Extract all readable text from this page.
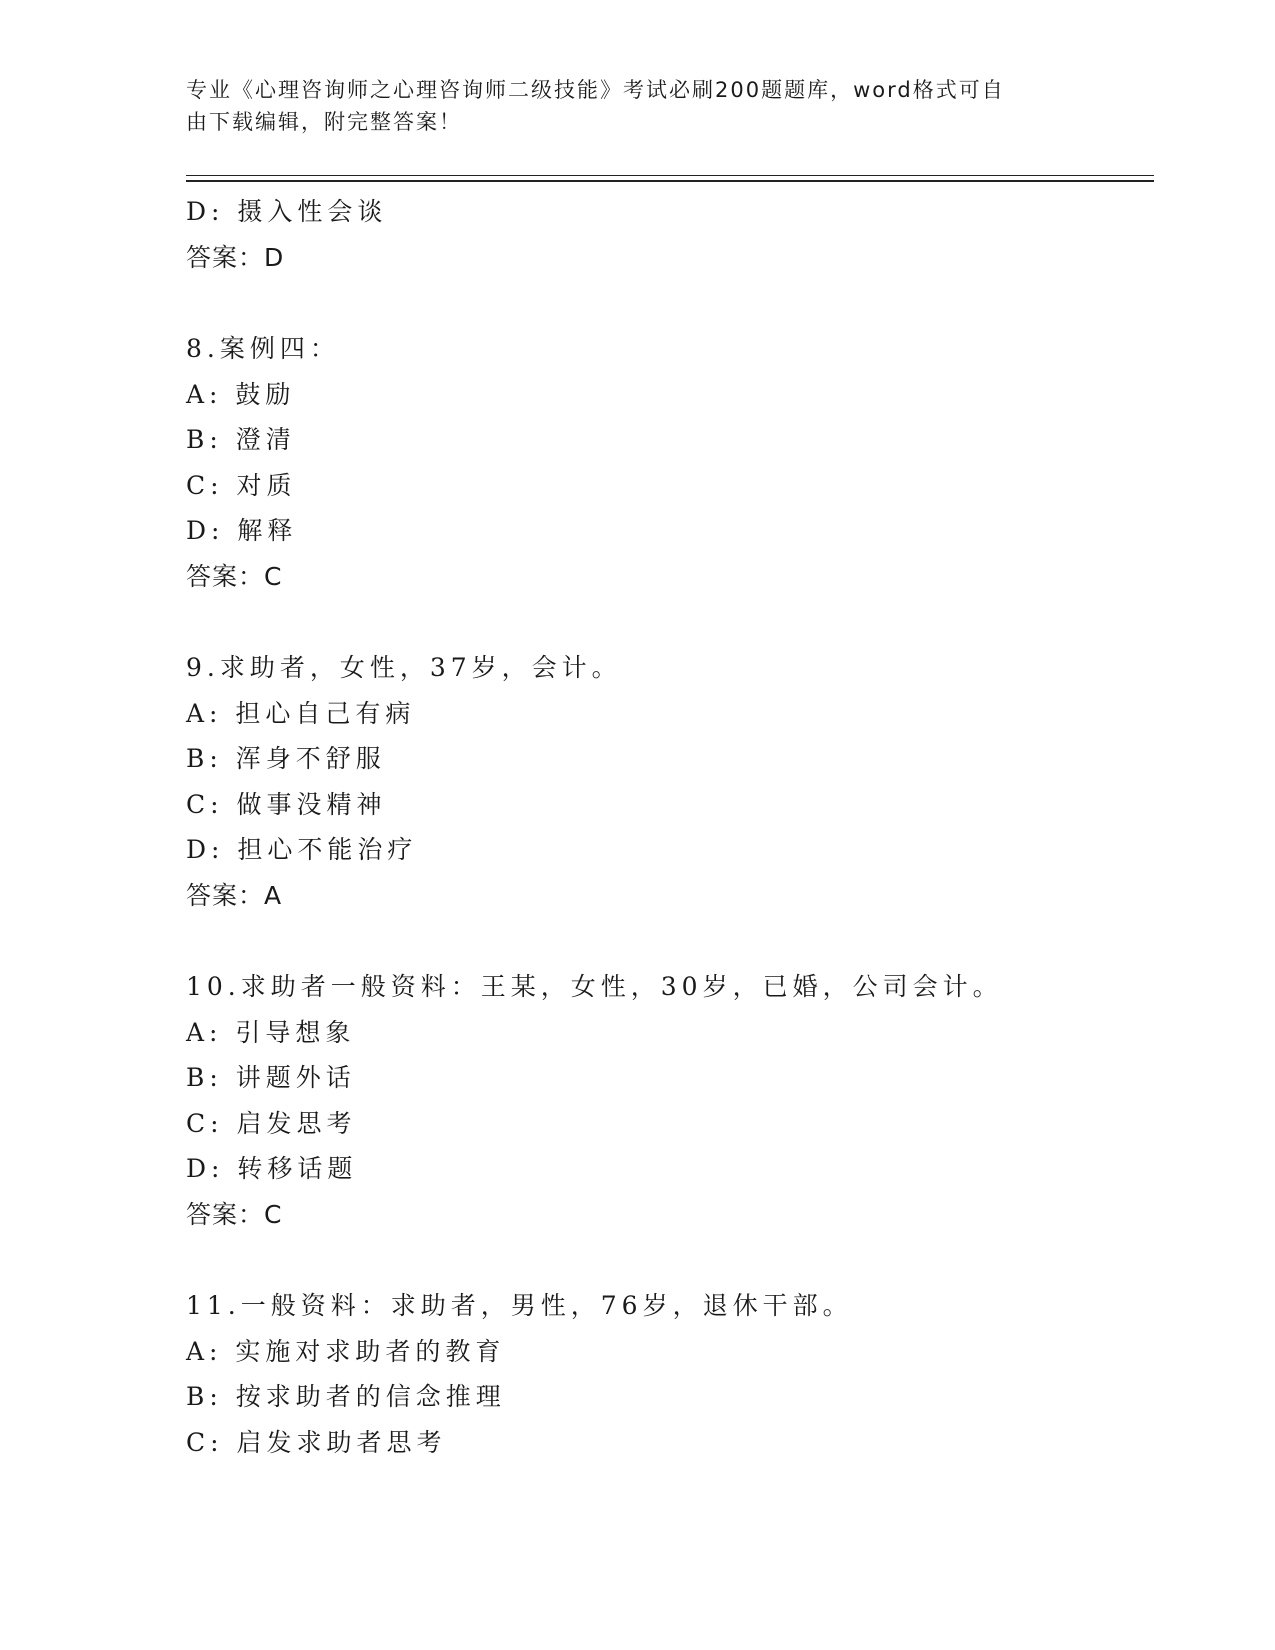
专业《心理咨询师之心理咨询师二级技能》考试必刷200题题库，word格式可自
由下载编辑，附完整答案！
D: 摄入性会谈
答案：D
8.案例四：
A: 鼓励
B: 澄清
C: 对质
D: 解释
答案：C
9.求助者，女性，37岁，会计。
A: 担心自己有病
B: 浑身不舒服
C: 做事没精神
D: 担心不能治疗
答案：A
10.求助者一般资料：王某，女性，30岁，已婚，公司会计。
A: 引导想象
B: 讲题外话
C: 启发思考
D: 转移话题
答案：C
11.一般资料：求助者，男性，76岁，退休干部。
A: 实施对求助者的教育
B: 按求助者的信念推理
C: 启发求助者思考
